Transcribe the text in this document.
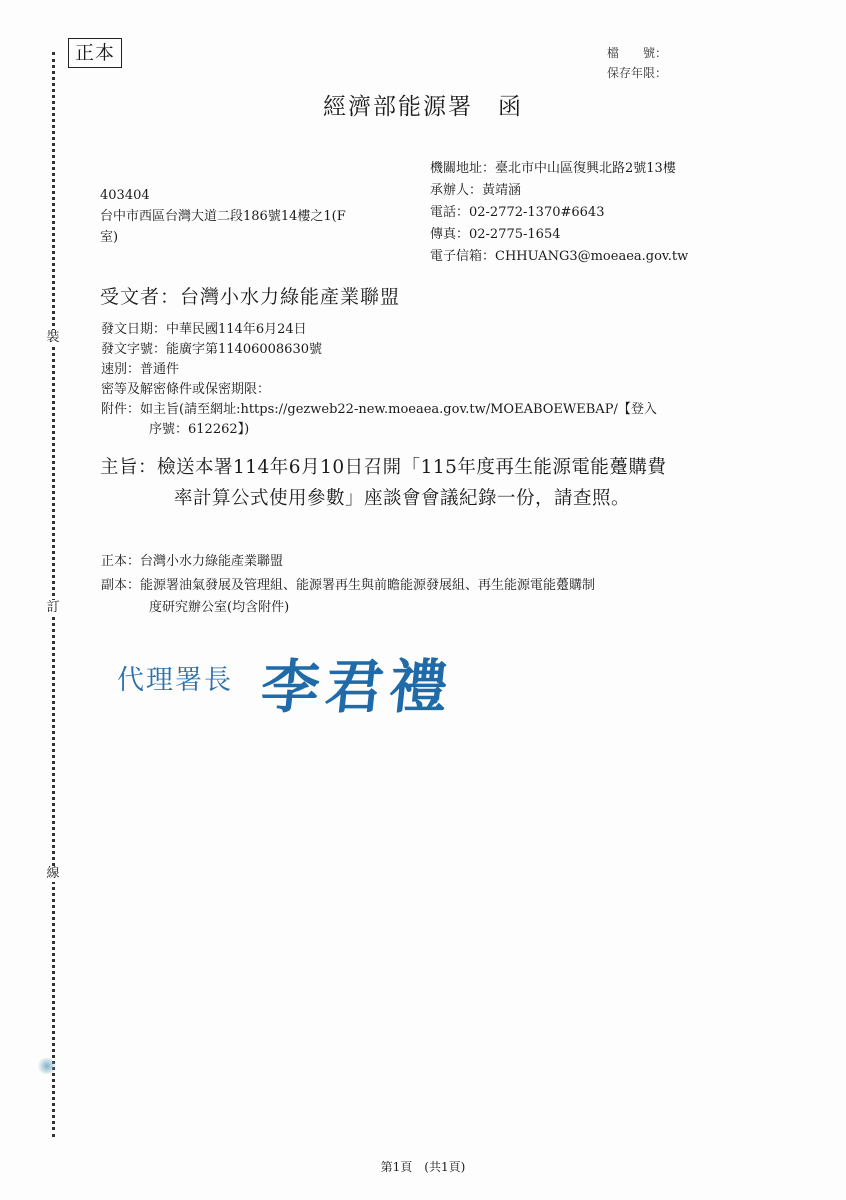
裝
訂
線
正本	檔　　號：
保存年限：
經濟部能源署　函
403404
台中市西區台灣大道二段186號14樓之1(F
室)
機關地址：臺北市中山區復興北路2號13樓
承辦人：黃靖涵
電話：02-2772-1370#6643
傳真：02-2775-1654
電子信箱：CHHUANG3@moeaea.gov.tw
受文者：台灣小水力綠能產業聯盟
發文日期：中華民國114年6月24日
發文字號：能廣字第11406008630號
速別：普通件
密等及解密條件或保密期限：
附件：如主旨(請至網址:https://gezweb22-new.moeaea.gov.tw/MOEABOEWEBAP/【登入
序號：612262】)
主旨：檢送本署114年6月10日召開「115年度再生能源電能躉購費
率計算公式使用參數」座談會會議紀錄一份，請查照。
正本：台灣小水力綠能產業聯盟
副本：能源署油氣發展及管理組、能源署再生與前瞻能源發展組、再生能源電能躉購制
度研究辦公室(均含附件)
代理署長 李君禮
第1頁　(共1頁)
